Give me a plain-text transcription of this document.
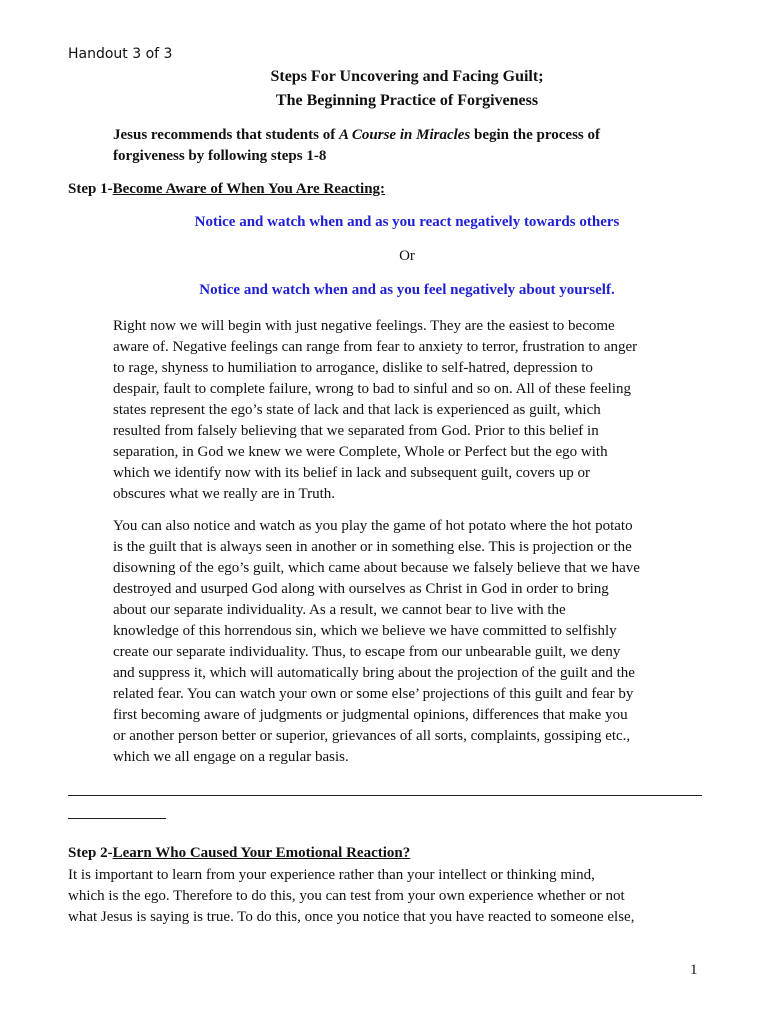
Handout 3 of 3
Steps For Uncovering and Facing Guilt;
The Beginning Practice of Forgiveness
Jesus recommends that students of A Course in Miracles begin the process of
forgiveness by following steps 1-8
Step 1-Become Aware of When You Are Reacting:
Notice and watch when and as you react negatively towards others
Or
Notice and watch when and as you feel negatively about yourself.
Right now we will begin with just negative feelings. They are the easiest to become
aware of. Negative feelings can range from fear to anxiety to terror, frustration to anger
to rage, shyness to humiliation to arrogance, dislike to self-hatred, depression to
despair, fault to complete failure, wrong to bad to sinful and so on. All of these feeling
states represent the ego’s state of lack and that lack is experienced as guilt, which
resulted from falsely believing that we separated from God. Prior to this belief in
separation, in God we knew we were Complete, Whole or Perfect but the ego with
which we identify now with its belief in lack and subsequent guilt, covers up or
obscures what we really are in Truth.
You can also notice and watch as you play the game of hot potato where the hot potato
is the guilt that is always seen in another or in something else. This is projection or the
disowning of the ego’s guilt, which came about because we falsely believe that we have
destroyed and usurped God along with ourselves as Christ in God in order to bring
about our separate individuality. As a result, we cannot bear to live with the
knowledge of this horrendous sin, which we believe we have committed to selfishly
create our separate individuality. Thus, to escape from our unbearable guilt, we deny
and suppress it, which will automatically bring about the projection of the guilt and the
related fear. You can watch your own or some else’ projections of this guilt and fear by
first becoming aware of judgments or judgmental opinions, differences that make you
or another person better or superior, grievances of all sorts, complaints, gossiping etc.,
which we all engage on a regular basis.
Step 2-Learn Who Caused Your Emotional Reaction?
It is important to learn from your experience rather than your intellect or thinking mind,
which is the ego. Therefore to do this, you can test from your own experience whether or not
what Jesus is saying is true. To do this, once you notice that you have reacted to someone else,
1
